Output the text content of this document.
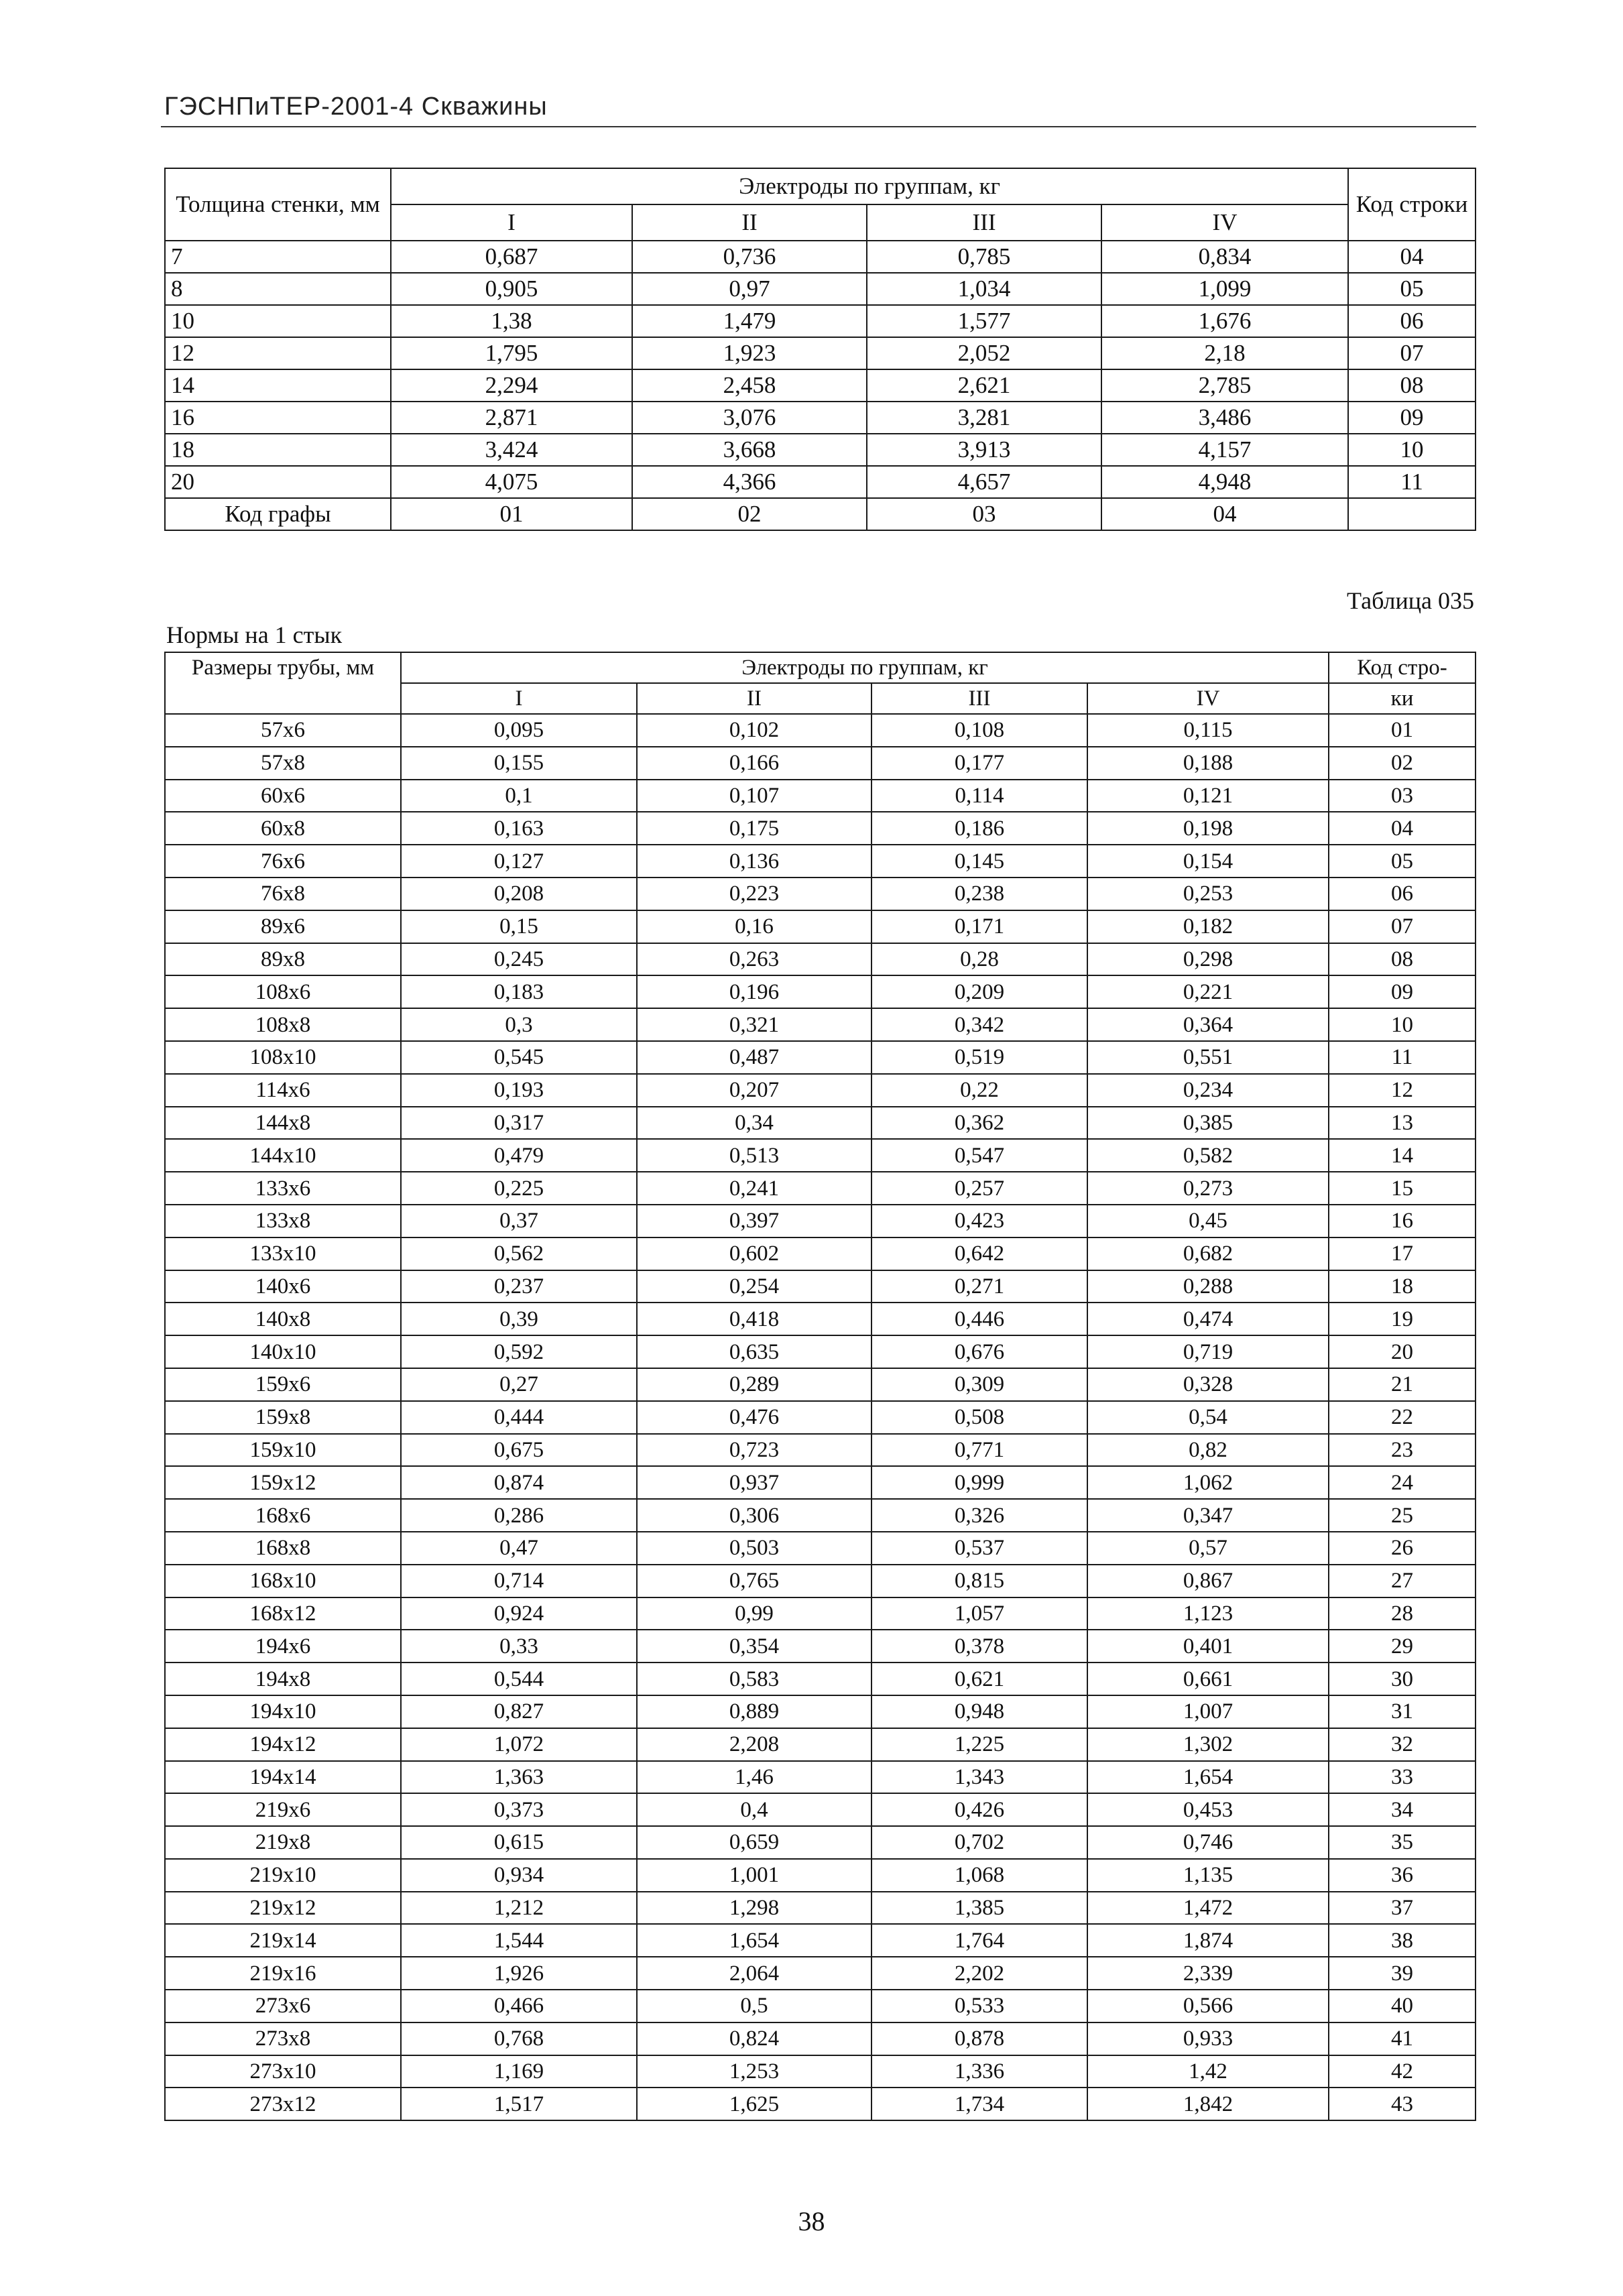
ГЭСНПиТЕР-2001-4 Скважины
Толщина стенки, мм	Электроды по группам, кг				Код строки
	I	II	III	IV	
7	0,687	0,736	0,785	0,834	04
8	0,905	0,97	1,034	1,099	05
10	1,38	1,479	1,577	1,676	06
12	1,795	1,923	2,052	2,18	07
14	2,294	2,458	2,621	2,785	08
16	2,871	3,076	3,281	3,486	09
18	3,424	3,668	3,913	4,157	10
20	4,075	4,366	4,657	4,948	11
Код графы	01	02	03	04	
Таблица 035
Нормы на 1 стык
Размеры трубы, мм	Электроды по группам, кг				Код стро-
	I	II	III	IV	ки
57x6	0,095	0,102	0,108	0,115	01
57x8	0,155	0,166	0,177	0,188	02
60x6	0,1	0,107	0,114	0,121	03
60x8	0,163	0,175	0,186	0,198	04
76x6	0,127	0,136	0,145	0,154	05
76x8	0,208	0,223	0,238	0,253	06
89x6	0,15	0,16	0,171	0,182	07
89x8	0,245	0,263	0,28	0,298	08
108x6	0,183	0,196	0,209	0,221	09
108x8	0,3	0,321	0,342	0,364	10
108x10	0,545	0,487	0,519	0,551	11
114x6	0,193	0,207	0,22	0,234	12
144x8	0,317	0,34	0,362	0,385	13
144x10	0,479	0,513	0,547	0,582	14
133x6	0,225	0,241	0,257	0,273	15
133x8	0,37	0,397	0,423	0,45	16
133x10	0,562	0,602	0,642	0,682	17
140x6	0,237	0,254	0,271	0,288	18
140x8	0,39	0,418	0,446	0,474	19
140x10	0,592	0,635	0,676	0,719	20
159x6	0,27	0,289	0,309	0,328	21
159x8	0,444	0,476	0,508	0,54	22
159x10	0,675	0,723	0,771	0,82	23
159x12	0,874	0,937	0,999	1,062	24
168x6	0,286	0,306	0,326	0,347	25
168x8	0,47	0,503	0,537	0,57	26
168x10	0,714	0,765	0,815	0,867	27
168x12	0,924	0,99	1,057	1,123	28
194x6	0,33	0,354	0,378	0,401	29
194x8	0,544	0,583	0,621	0,661	30
194x10	0,827	0,889	0,948	1,007	31
194x12	1,072	2,208	1,225	1,302	32
194x14	1,363	1,46	1,343	1,654	33
219x6	0,373	0,4	0,426	0,453	34
219x8	0,615	0,659	0,702	0,746	35
219x10	0,934	1,001	1,068	1,135	36
219x12	1,212	1,298	1,385	1,472	37
219x14	1,544	1,654	1,764	1,874	38
219x16	1,926	2,064	2,202	2,339	39
273x6	0,466	0,5	0,533	0,566	40
273x8	0,768	0,824	0,878	0,933	41
273x10	1,169	1,253	1,336	1,42	42
273x12	1,517	1,625	1,734	1,842	43
38
